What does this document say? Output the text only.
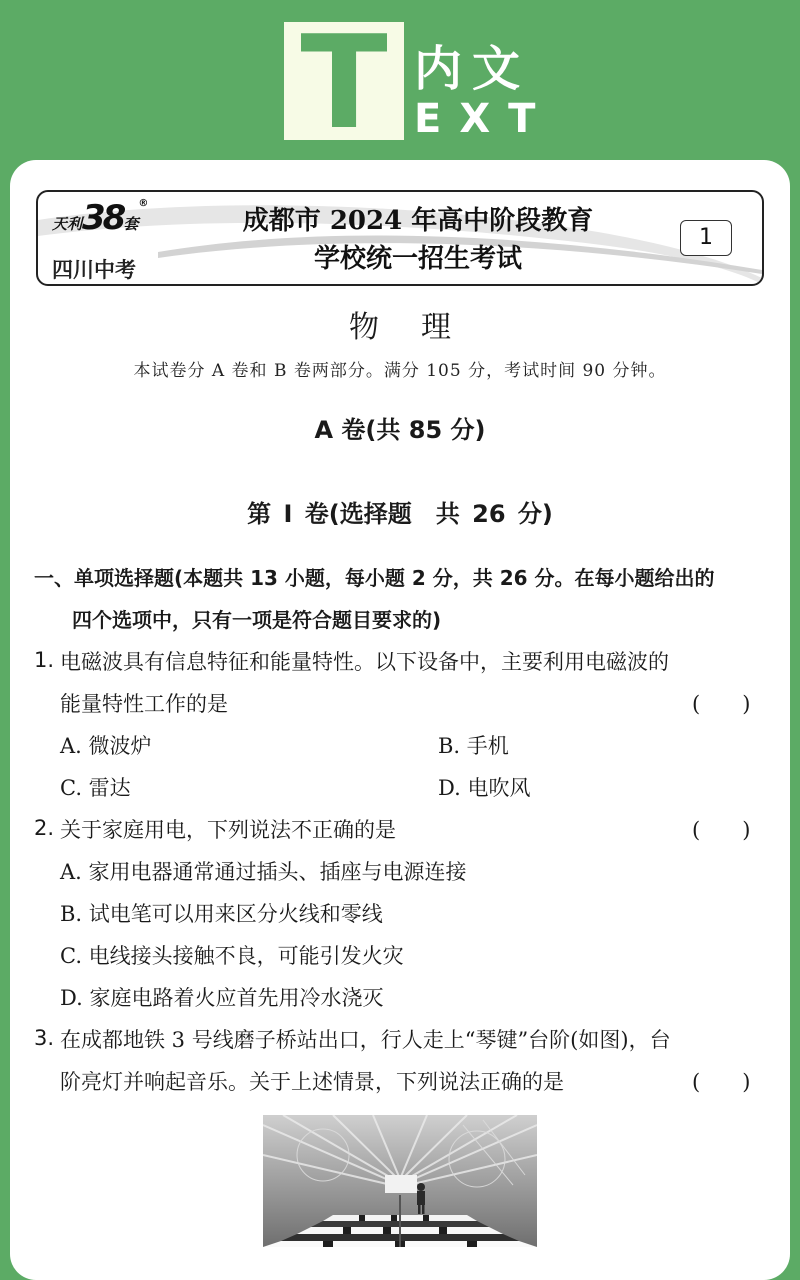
T 内文
EXT
天利38套®
四川中考
成都市 2024 年高中阶段教育
学校统一招生考试
1
物理
本试卷分 A 卷和 B 卷两部分。满分 105 分，考试时间 90 分钟。
A 卷(共 85 分)
第 Ⅰ 卷(选择题　共 26 分)
一、单项选择题(本题共 13 小题，每小题 2 分，共 26 分。在每小题给出的
四个选项中，只有一项是符合题目要求的)
1. 电磁波具有信息特征和能量特性。以下设备中，主要利用电磁波的
能量特性工作的是	(　　)
A. 微波炉	B. 手机
C. 雷达	D. 电吹风
2. 关于家庭用电，下列说法不正确的是	(　　)
A. 家用电器通常通过插头、插座与电源连接
B. 试电笔可以用来区分火线和零线
C. 电线接头接触不良，可能引发火灾
D. 家庭电路着火应首先用冷水浇灭
3. 在成都地铁 3 号线磨子桥站出口，行人走上“琴键”台阶(如图)，台
阶亮灯并响起音乐。关于上述情景，下列说法正确的是	(　　)
